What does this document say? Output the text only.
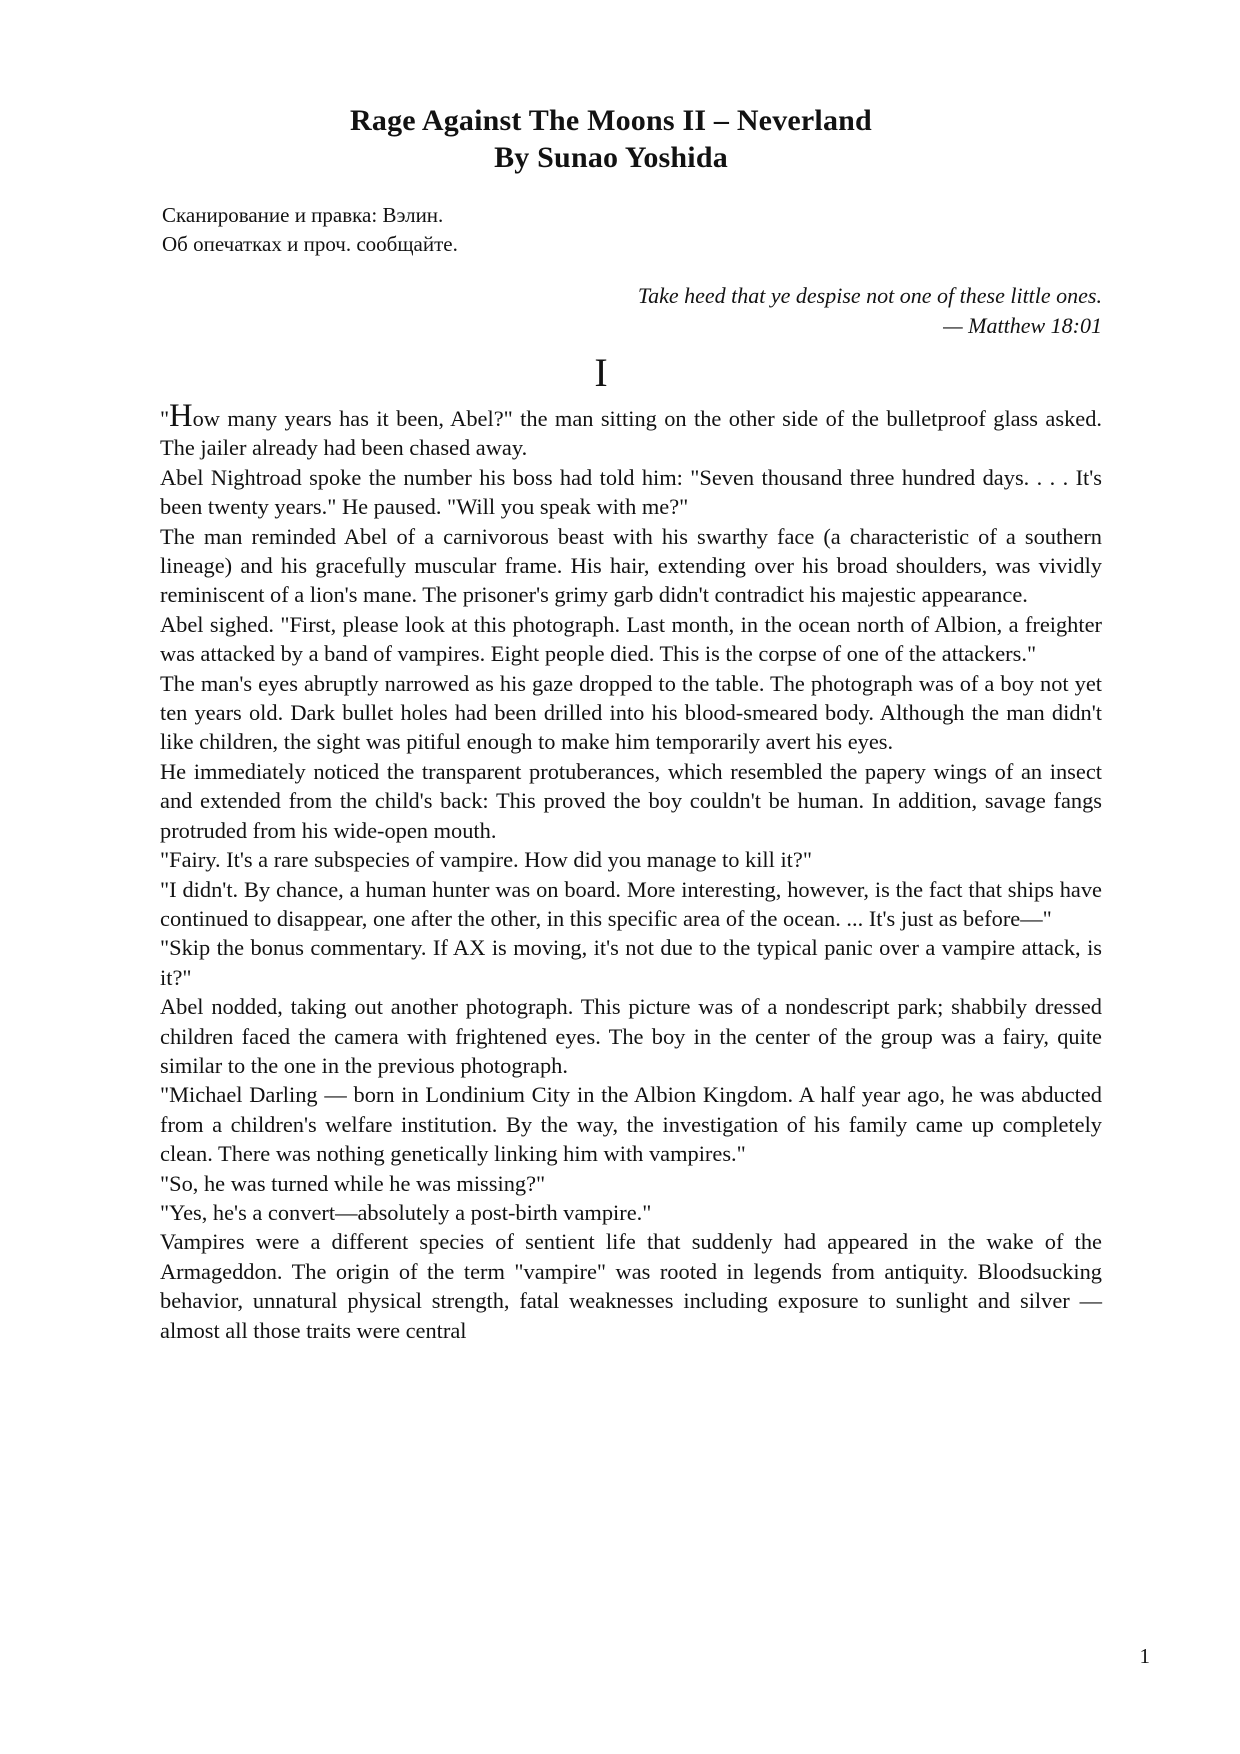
Rage Against The Moons II – Neverland
By Sunao Yoshida
Сканирование и правка: Вэлин.
Об опечатках и проч. сообщайте.
Take heed that ye despise not one of these little ones.
— Matthew 18:01
I

"How many years has it been, Abel?" the man sitting on the other side of the bulletproof glass asked. The jailer already had been chased away.

Abel Nightroad spoke the number his boss had told him: "Seven thousand three hundred days. . . . It's been twenty years." He paused. "Will you speak with me?"

The man reminded Abel of a carnivorous beast with his swarthy face (a characteristic of a southern lineage) and his gracefully muscular frame. His hair, extending over his broad shoulders, was vividly reminiscent of a lion's mane. The prisoner's grimy garb didn't contradict his majestic appearance.

Abel sighed. "First, please look at this photograph. Last month, in the ocean north of Albion, a freighter was attacked by a band of vampires. Eight people died. This is the corpse of one of the attackers."

The man's eyes abruptly narrowed as his gaze dropped to the table. The photograph was of a boy not yet ten years old. Dark bullet holes had been drilled into his blood-smeared body. Although the man didn't like children, the sight was pitiful enough to make him temporarily avert his eyes.

He immediately noticed the transparent protuberances, which resembled the papery wings of an insect and extended from the child's back: This proved the boy couldn't be human. In addition, savage fangs protruded from his wide-open mouth.

"Fairy. It's a rare subspecies of vampire. How did you manage to kill it?"

"I didn't. By chance, a human hunter was on board. More interesting, however, is the fact that ships have continued to disappear, one after the other, in this specific area of the ocean. ... It's just as before—"

"Skip the bonus commentary. If AX is moving, it's not due to the typical panic over a vampire attack, is it?"

Abel nodded, taking out another photograph. This picture was of a nondescript park; shabbily dressed children faced the camera with frightened eyes. The boy in the center of the group was a fairy, quite similar to the one in the previous photograph.

"Michael Darling — born in Londinium City in the Albion Kingdom. A half year ago, he was abducted from a children's welfare institution. By the way, the investigation of his family came up completely clean. There was nothing genetically linking him with vampires."

"So, he was turned while he was missing?"

"Yes, he's a convert—absolutely a post-birth vampire."

Vampires were a different species of sentient life that suddenly had appeared in the wake of the Armageddon. The origin of the term "vampire" was rooted in legends from antiquity. Bloodsucking behavior, unnatural physical strength, fatal weaknesses including exposure to sunlight and silver — almost all those traits were central

1
